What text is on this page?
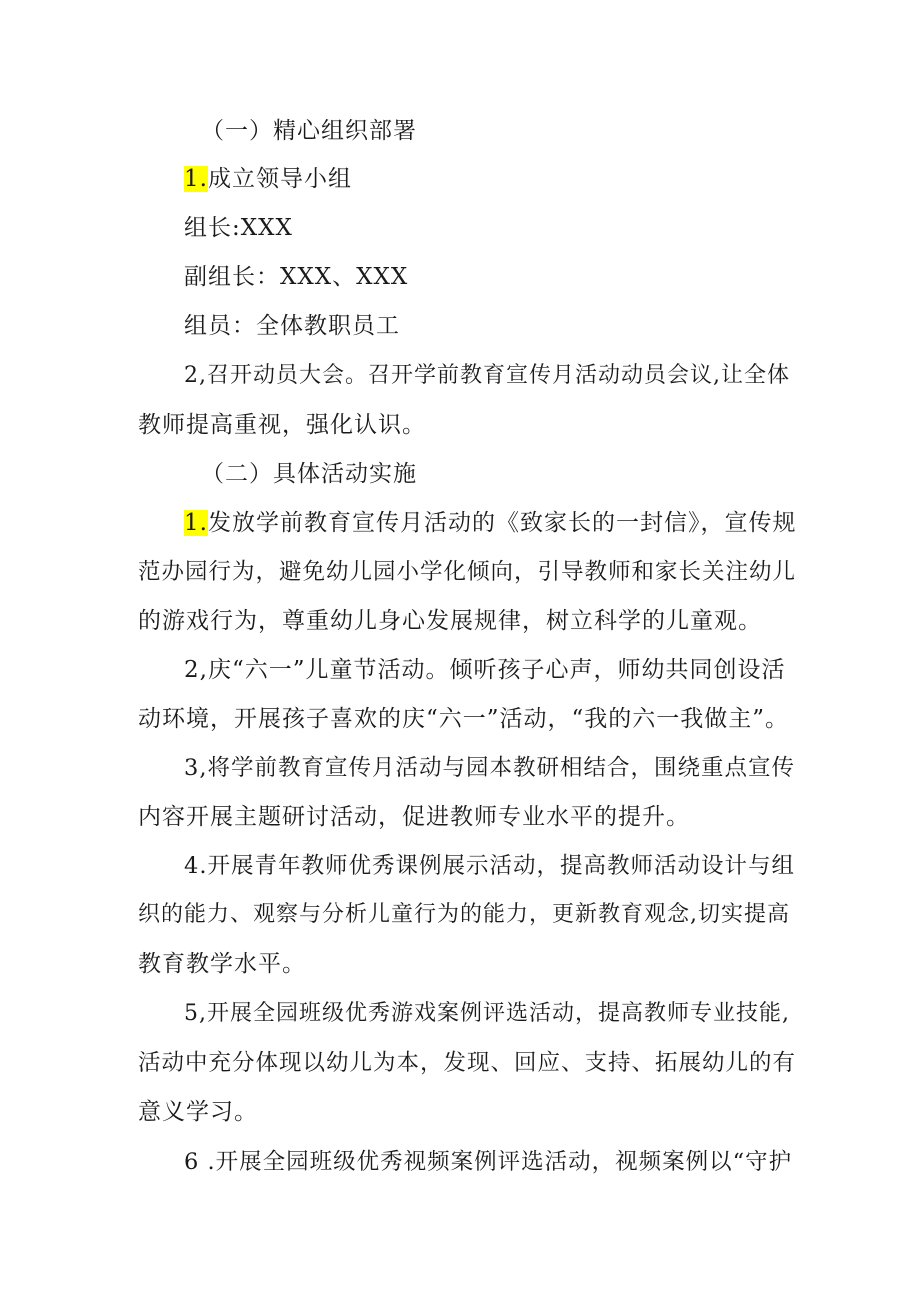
（一）精心组织部署
1.成立领导小组
组长:XXX
副组长：XXX、XXX
组员：全体教职员工
2,召开动员大会。召开学前教育宣传月活动动员会议,让全体
教师提高重视，强化认识。
（二）具体活动实施
1.发放学前教育宣传月活动的《致家长的一封信》，宣传规
范办园行为，避免幼儿园小学化倾向，引导教师和家长关注幼儿
的游戏行为，尊重幼儿身心发展规律，树立科学的儿童观。
2,庆“六一”儿童节活动。倾听孩子心声，师幼共同创设活
动环境，开展孩子喜欢的庆“六一”活动，“我的六一我做主”。
3,将学前教育宣传月活动与园本教研相结合，围绕重点宣传
内容开展主题研讨活动，促进教师专业水平的提升。
4.开展青年教师优秀课例展示活动，提高教师活动设计与组
织的能力、观察与分析儿童行为的能力，更新教育观念,切实提高
教育教学水平。
5,开展全园班级优秀游戏案例评选活动，提高教师专业技能,
活动中充分体现以幼儿为本，发现、回应、支持、拓展幼儿的有
意义学习。
6 .开展全园班级优秀视频案例评选活动，视频案例以“守护
